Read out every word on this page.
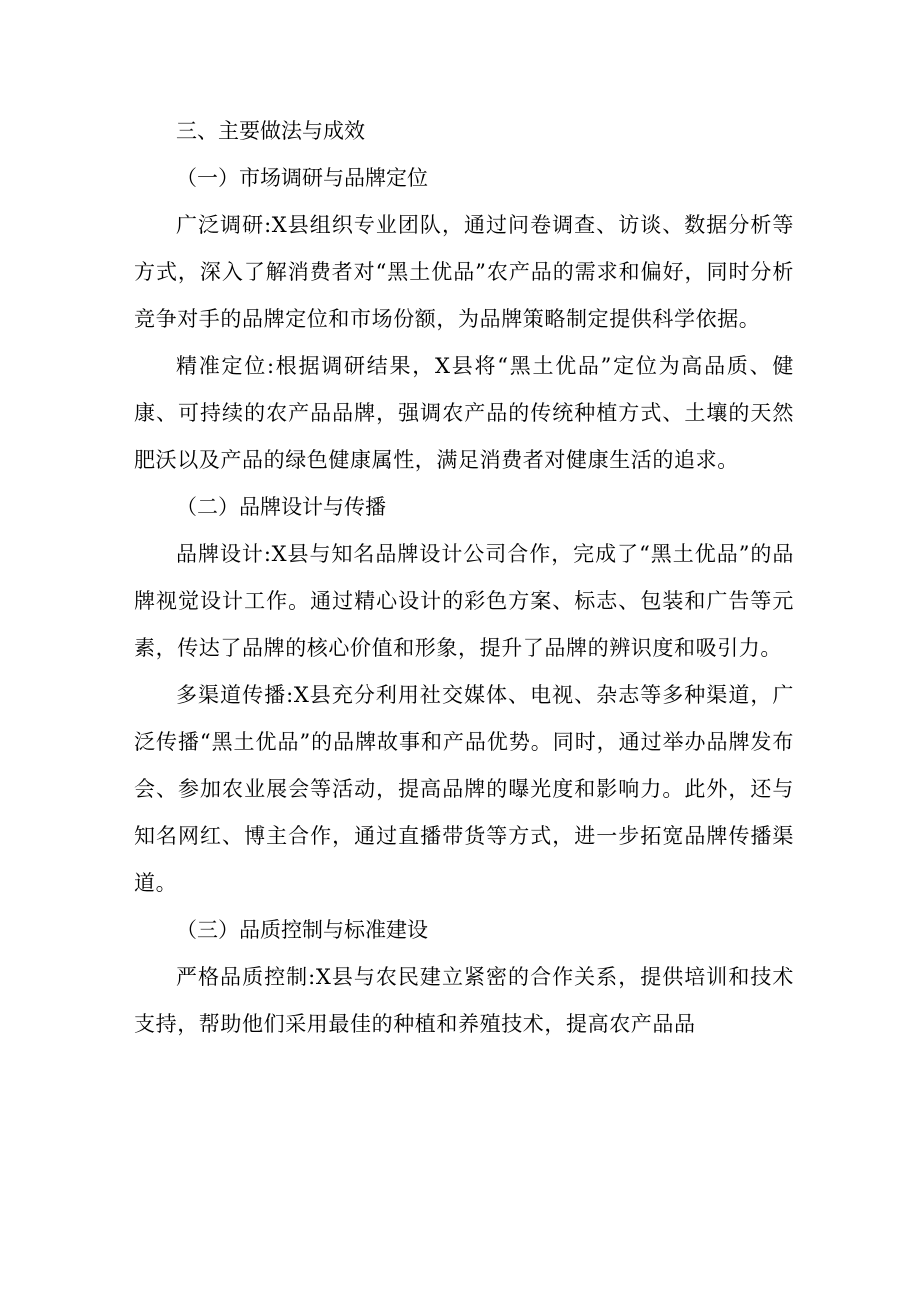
三、主要做法与成效
（一）市场调研与品牌定位

广泛调研:X县组织专业团队，通过问卷调查、访谈、数据分析等方式，深入了解消费者对“黑土优品”农产品的需求和偏好，同时分析竞争对手的品牌定位和市场份额，为品牌策略制定提供科学依据。

精准定位:根据调研结果，X县将“黑土优品”定位为高品质、健康、可持续的农产品品牌，强调农产品的传统种植方式、土壤的天然肥沃以及产品的绿色健康属性，满足消费者对健康生活的追求。

（二）品牌设计与传播

品牌设计:X县与知名品牌设计公司合作，完成了“黑土优品”的品牌视觉设计工作。通过精心设计的彩色方案、标志、包装和广告等元素，传达了品牌的核心价值和形象，提升了品牌的辨识度和吸引力。

多渠道传播:X县充分利用社交媒体、电视、杂志等多种渠道，广泛传播“黑土优品”的品牌故事和产品优势。同时，通过举办品牌发布会、参加农业展会等活动，提高品牌的曝光度和影响力。此外，还与知名网红、博主合作，通过直播带货等方式，进一步拓宽品牌传播渠道。

（三）品质控制与标准建设

严格品质控制:X县与农民建立紧密的合作关系，提供培训和技术支持，帮助他们采用最佳的种植和养殖技术，提高农产品品
